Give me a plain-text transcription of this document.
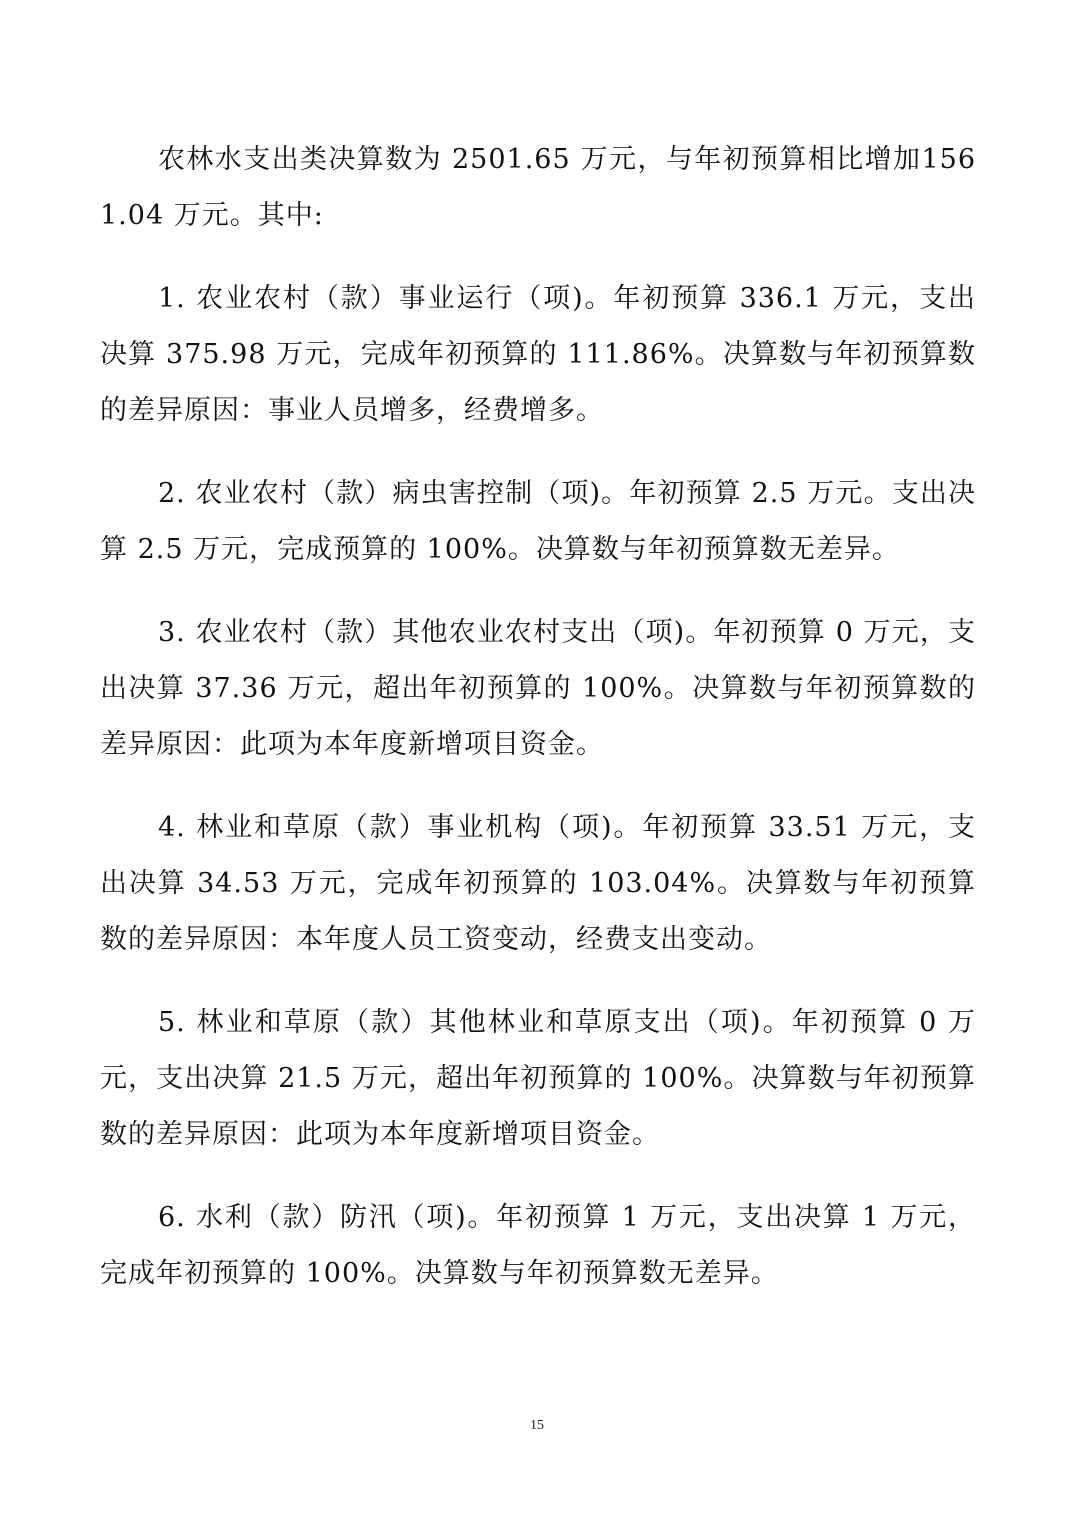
农林水支出类决算数为 2501.65 万元，与年初预算相比增加1561.04 万元。其中:

1. 农业农村（款）事业运行（项)。年初预算 336.1 万元，支出决算 375.98 万元，完成年初预算的 111.86%。决算数与年初预算数的差异原因：事业人员增多，经费增多。

2. 农业农村（款）病虫害控制（项)。年初预算 2.5 万元。支出决算 2.5 万元，完成预算的 100%。决算数与年初预算数无差异。

3. 农业农村（款）其他农业农村支出（项)。年初预算 0 万元，支出决算 37.36 万元，超出年初预算的 100%。决算数与年初预算数的差异原因：此项为本年度新增项目资金。

4. 林业和草原（款）事业机构（项)。年初预算 33.51 万元，支出决算 34.53 万元，完成年初预算的 103.04%。决算数与年初预算数的差异原因：本年度人员工资变动，经费支出变动。

5. 林业和草原（款）其他林业和草原支出（项)。年初预算 0 万元，支出决算 21.5 万元，超出年初预算的 100%。决算数与年初预算数的差异原因：此项为本年度新增项目资金。

6. 水利（款）防汛（项)。年初预算 1 万元，支出决算 1 万元，完成年初预算的 100%。决算数与年初预算数无差异。

15
